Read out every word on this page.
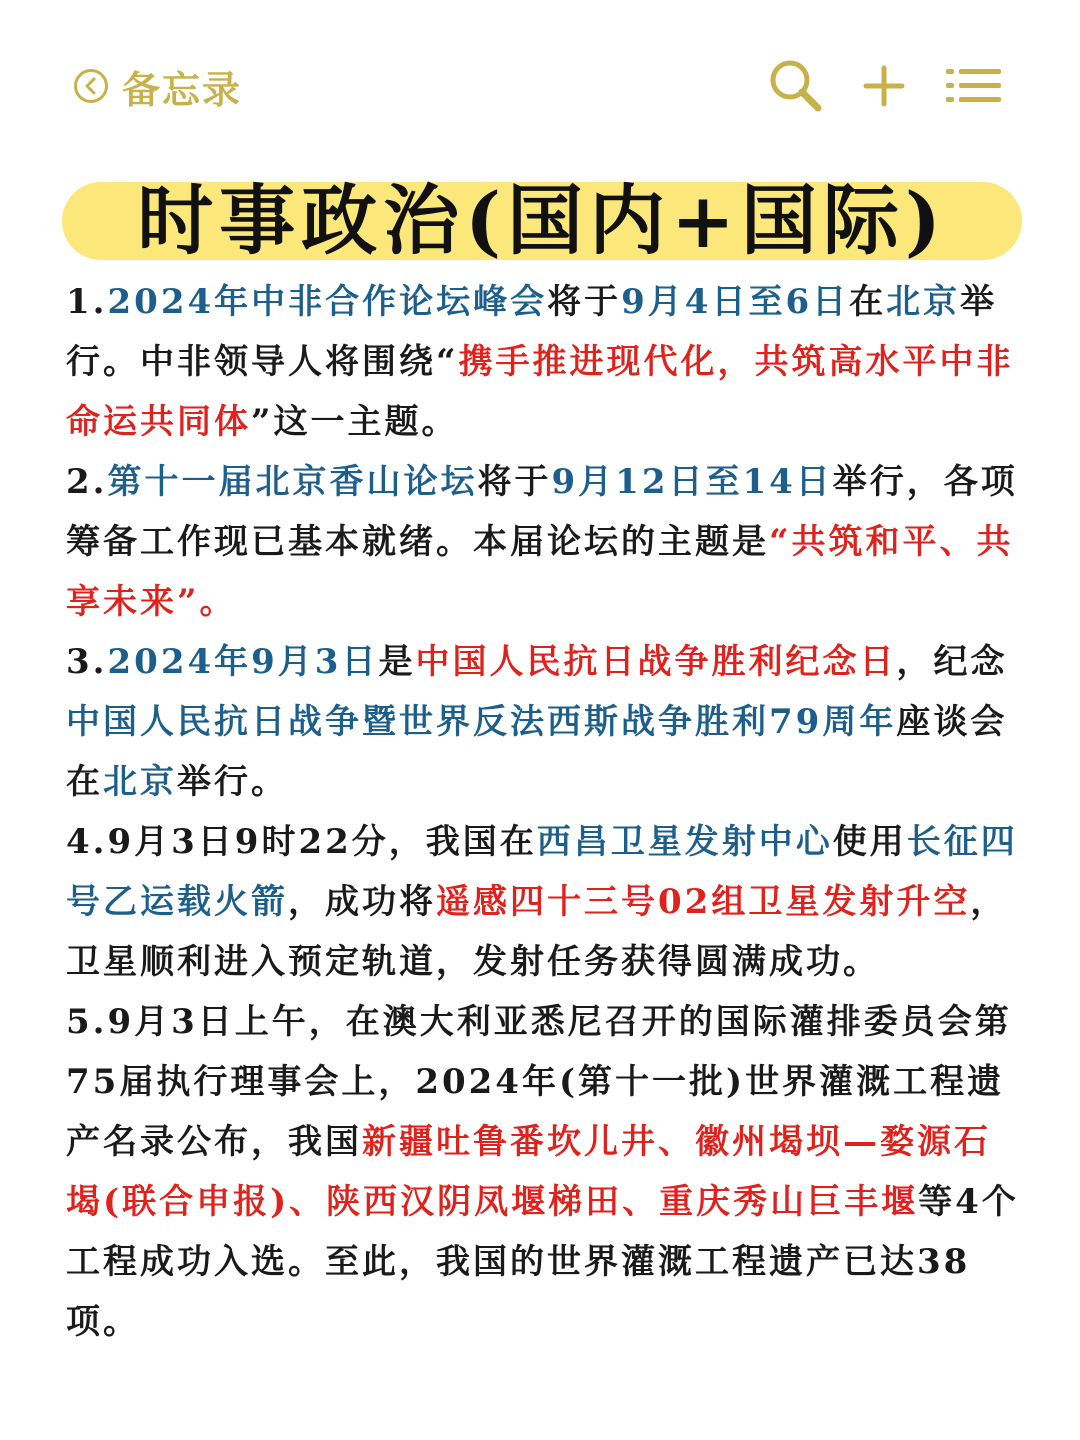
备忘录
时事政治(国内+国际)

1.2024年中非合作论坛峰会将于9月4日至6日在北京举行。中非领导人将围绕“携手推进现代化，共筑高水平中非命运共同体”这一主题。

2.第十一届北京香山论坛将于9月12日至14日举行，各项筹备工作现已基本就绪。本届论坛的主题是“共筑和平、共享未来”。

3.2024年9月3日是中国人民抗日战争胜利纪念日，纪念中国人民抗日战争暨世界反法西斯战争胜利79周年座谈会在北京举行。

4.9月3日9时22分，我国在西昌卫星发射中心使用长征四号乙运载火箭，成功将遥感四十三号02组卫星发射升空，卫星顺利进入预定轨道，发射任务获得圆满成功。

5.9月3日上午，在澳大利亚悉尼召开的国际灌排委员会第75届执行理事会上，2024年(第十一批)世界灌溉工程遗产名录公布，我国新疆吐鲁番坎儿井、徽州堨坝—婺源石堨(联合申报)、陕西汉阴凤堰梯田、重庆秀山巨丰堰等4个工程成功入选。至此，我国的世界灌溉工程遗产已达38项。
